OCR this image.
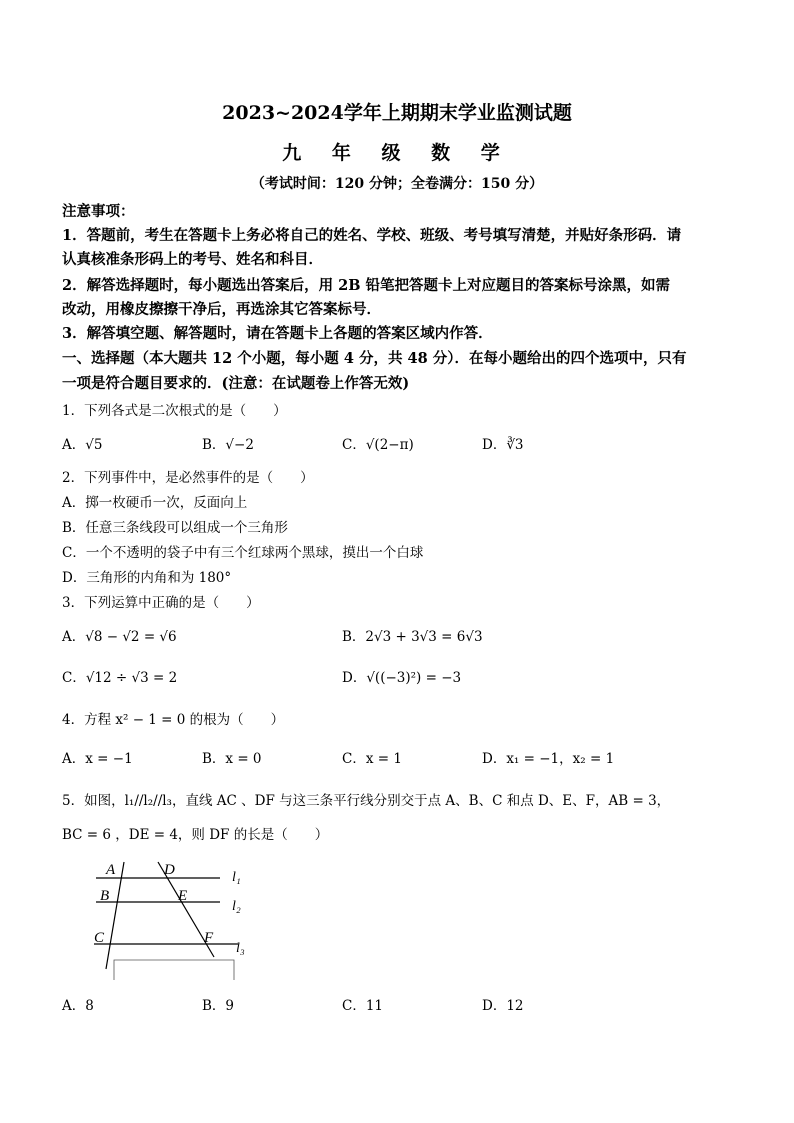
2023~2024学年上期期末学业监测试题
九 年 级 数 学
（考试时间：120 分钟；全卷满分：150 分）
注意事项：
1．答题前，考生在答题卡上务必将自己的姓名、学校、班级、考号填写清楚，并贴好条形码．请
认真核准条形码上的考号、姓名和科目．
2．解答选择题时，每小题选出答案后，用 2B 铅笔把答题卡上对应题目的答案标号涂黑，如需
改动，用橡皮擦擦干净后，再选涂其它答案标号．
3．解答填空题、解答题时，请在答题卡上各题的答案区域内作答．
一、选择题（本大题共 12 个小题，每小题 4 分，共 48 分）．在每小题给出的四个选项中，只有
一项是符合题目要求的．(注意：在试题卷上作答无效)
1．下列各式是二次根式的是（　　）
A．√5	B．√−2	C．√(2−π)	D．∛3
2．下列事件中，是必然事件的是（　　）
A．掷一枚硬币一次，反面向上
B．任意三条线段可以组成一个三角形
C．一个不透明的袋子中有三个红球两个黑球，摸出一个白球
D．三角形的内角和为 180°
3．下列运算中正确的是（　　）
A．√8 − √2 = √6	B．2√3 + 3√3 = 6√3
C．√12 ÷ √3 = 2	D．√((−3)²) = −3
4．方程 x² − 1 = 0 的根为（　　）
A．x = −1	B．x = 0	C．x = 1	D．x₁ = −1，x₂ = 1
5．如图，l₁//l₂//l₃，直线 AC 、DF 与这三条平行线分别交于点 A、B、C 和点 D、E、F，AB = 3，
BC = 6 ，DE = 4，则 DF 的长是（　　）
A	D
B	E
C	F
l₁
l₂
l₃
A．8	B．9	C．11	D．12
